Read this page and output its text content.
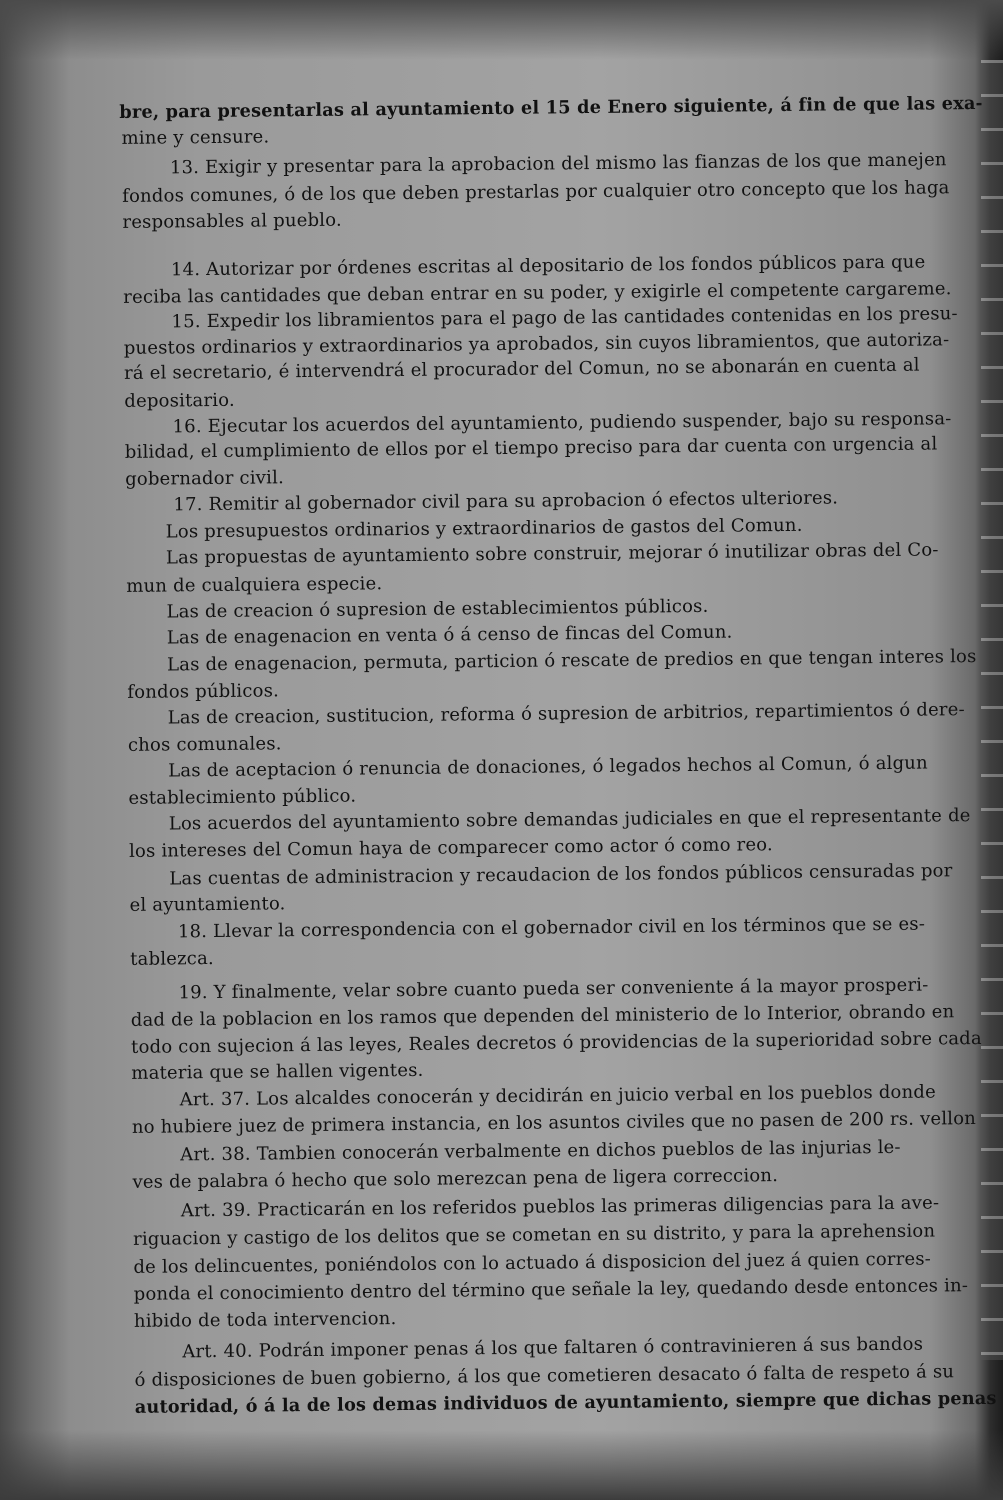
bre, para presentarlas al ayuntamiento el 15 de Enero siguiente, á fin de que las exa-
mine y censure.
13. Exigir y presentar para la aprobacion del mismo las fianzas de los que manejen
fondos comunes, ó de los que deben prestarlas por cualquier otro concepto que los haga
responsables al pueblo.
14. Autorizar por órdenes escritas al depositario de los fondos públicos para que
reciba las cantidades que deban entrar en su poder, y exigirle el competente cargareme.
15. Expedir los libramientos para el pago de las cantidades contenidas en los presu-
puestos ordinarios y extraordinarios ya aprobados, sin cuyos libramientos, que autoriza-
rá el secretario, é intervendrá el procurador del Comun, no se abonarán en cuenta al
depositario.
16. Ejecutar los acuerdos del ayuntamiento, pudiendo suspender, bajo su responsa-
bilidad, el cumplimiento de ellos por el tiempo preciso para dar cuenta con urgencia al
gobernador civil.
17. Remitir al gobernador civil para su aprobacion ó efectos ulteriores.
Los presupuestos ordinarios y extraordinarios de gastos del Comun.
Las propuestas de ayuntamiento sobre construir, mejorar ó inutilizar obras del Co-
mun de cualquiera especie.
Las de creacion ó supresion de establecimientos públicos.
Las de enagenacion en venta ó á censo de fincas del Comun.
Las de enagenacion, permuta, particion ó rescate de predios en que tengan interes los
fondos públicos.
Las de creacion, sustitucion, reforma ó supresion de arbitrios, repartimientos ó dere-
chos comunales.
Las de aceptacion ó renuncia de donaciones, ó legados hechos al Comun, ó algun
establecimiento público.
Los acuerdos del ayuntamiento sobre demandas judiciales en que el representante de
los intereses del Comun haya de comparecer como actor ó como reo.
Las cuentas de administracion y recaudacion de los fondos públicos censuradas por
el ayuntamiento.
18. Llevar la correspondencia con el gobernador civil en los términos que se es-
tablezca.
19. Y finalmente, velar sobre cuanto pueda ser conveniente á la mayor prosperi-
dad de la poblacion en los ramos que dependen del ministerio de lo Interior, obrando en
todo con sujecion á las leyes, Reales decretos ó providencias de la superioridad sobre cada
materia que se hallen vigentes.
Art. 37. Los alcaldes conocerán y decidirán en juicio verbal en los pueblos donde
no hubiere juez de primera instancia, en los asuntos civiles que no pasen de 200 rs. vellon
Art. 38. Tambien conocerán verbalmente en dichos pueblos de las injurias le-
ves de palabra ó hecho que solo merezcan pena de ligera correccion.
Art. 39. Practicarán en los referidos pueblos las primeras diligencias para la ave-
riguacion y castigo de los delitos que se cometan en su distrito, y para la aprehension
de los delincuentes, poniéndolos con lo actuado á disposicion del juez á quien corres-
ponda el conocimiento dentro del término que señale la ley, quedando desde entonces in-
hibido de toda intervencion.
Art. 40. Podrán imponer penas á los que faltaren ó contravinieren á sus bandos
ó disposiciones de buen gobierno, á los que cometieren desacato ó falta de respeto á su
autoridad, ó á la de los demas individuos de ayuntamiento, siempre que dichas penas
